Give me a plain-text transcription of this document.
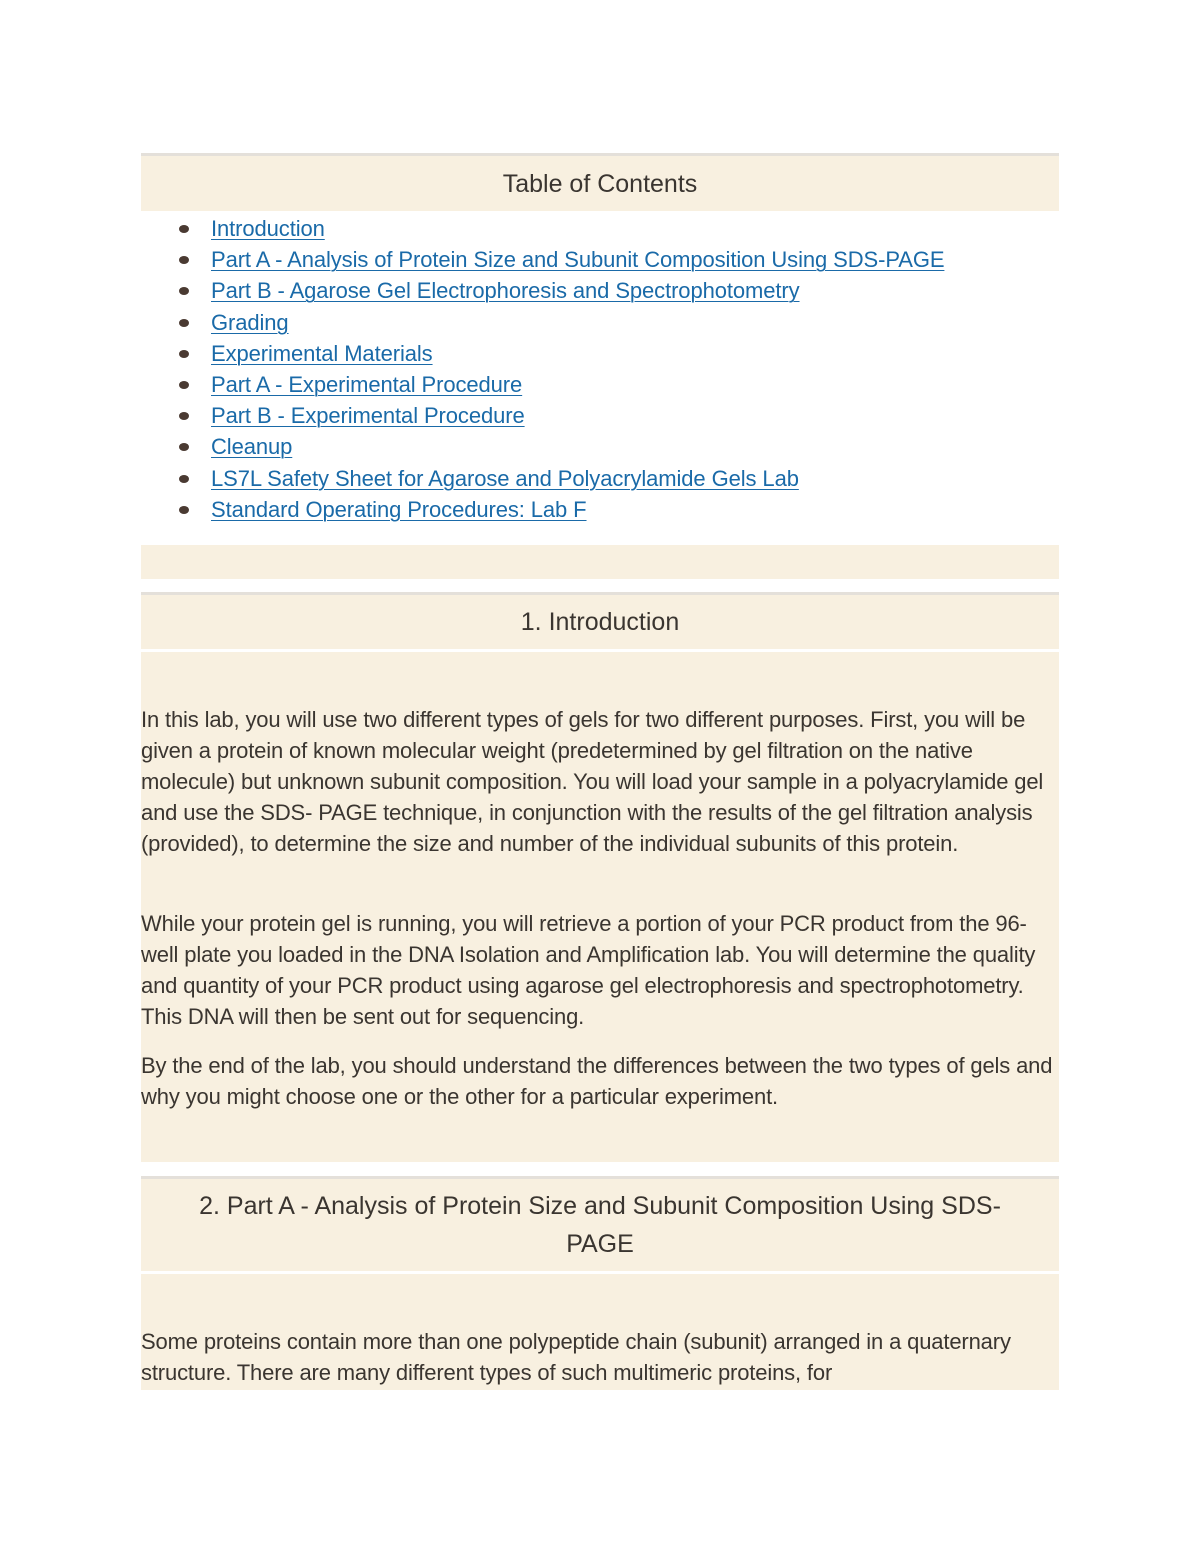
Table of Contents
Introduction
Part A - Analysis of Protein Size and Subunit Composition Using SDS-PAGE
Part B - Agarose Gel Electrophoresis and Spectrophotometry
Grading
Experimental Materials
Part A - Experimental Procedure
Part B - Experimental Procedure
Cleanup
LS7L Safety Sheet for Agarose and Polyacrylamide Gels Lab
Standard Operating Procedures: Lab F
1. Introduction

In this lab, you will use two different types of gels for two different purposes. First, you will be given a protein of known molecular weight (predetermined by gel filtration on the native molecule) but unknown subunit composition. You will load your sample in a polyacrylamide gel and use the SDS- PAGE technique, in conjunction with the results of the gel filtration analysis (provided), to determine the size and number of the individual subunits of this protein.

While your protein gel is running, you will retrieve a portion of your PCR product from the 96-well plate you loaded in the DNA Isolation and Amplification lab. You will determine the quality and quantity of your PCR product using agarose gel electrophoresis and spectrophotometry. This DNA will then be sent out for sequencing.

By the end of the lab, you should understand the differences between the two types of gels and why you might choose one or the other for a particular experiment.

2. Part A - Analysis of Protein Size and Subunit Composition Using SDS-PAGE

Some proteins contain more than one polypeptide chain (subunit) arranged in a quaternary structure. There are many different types of such multimeric proteins, for
